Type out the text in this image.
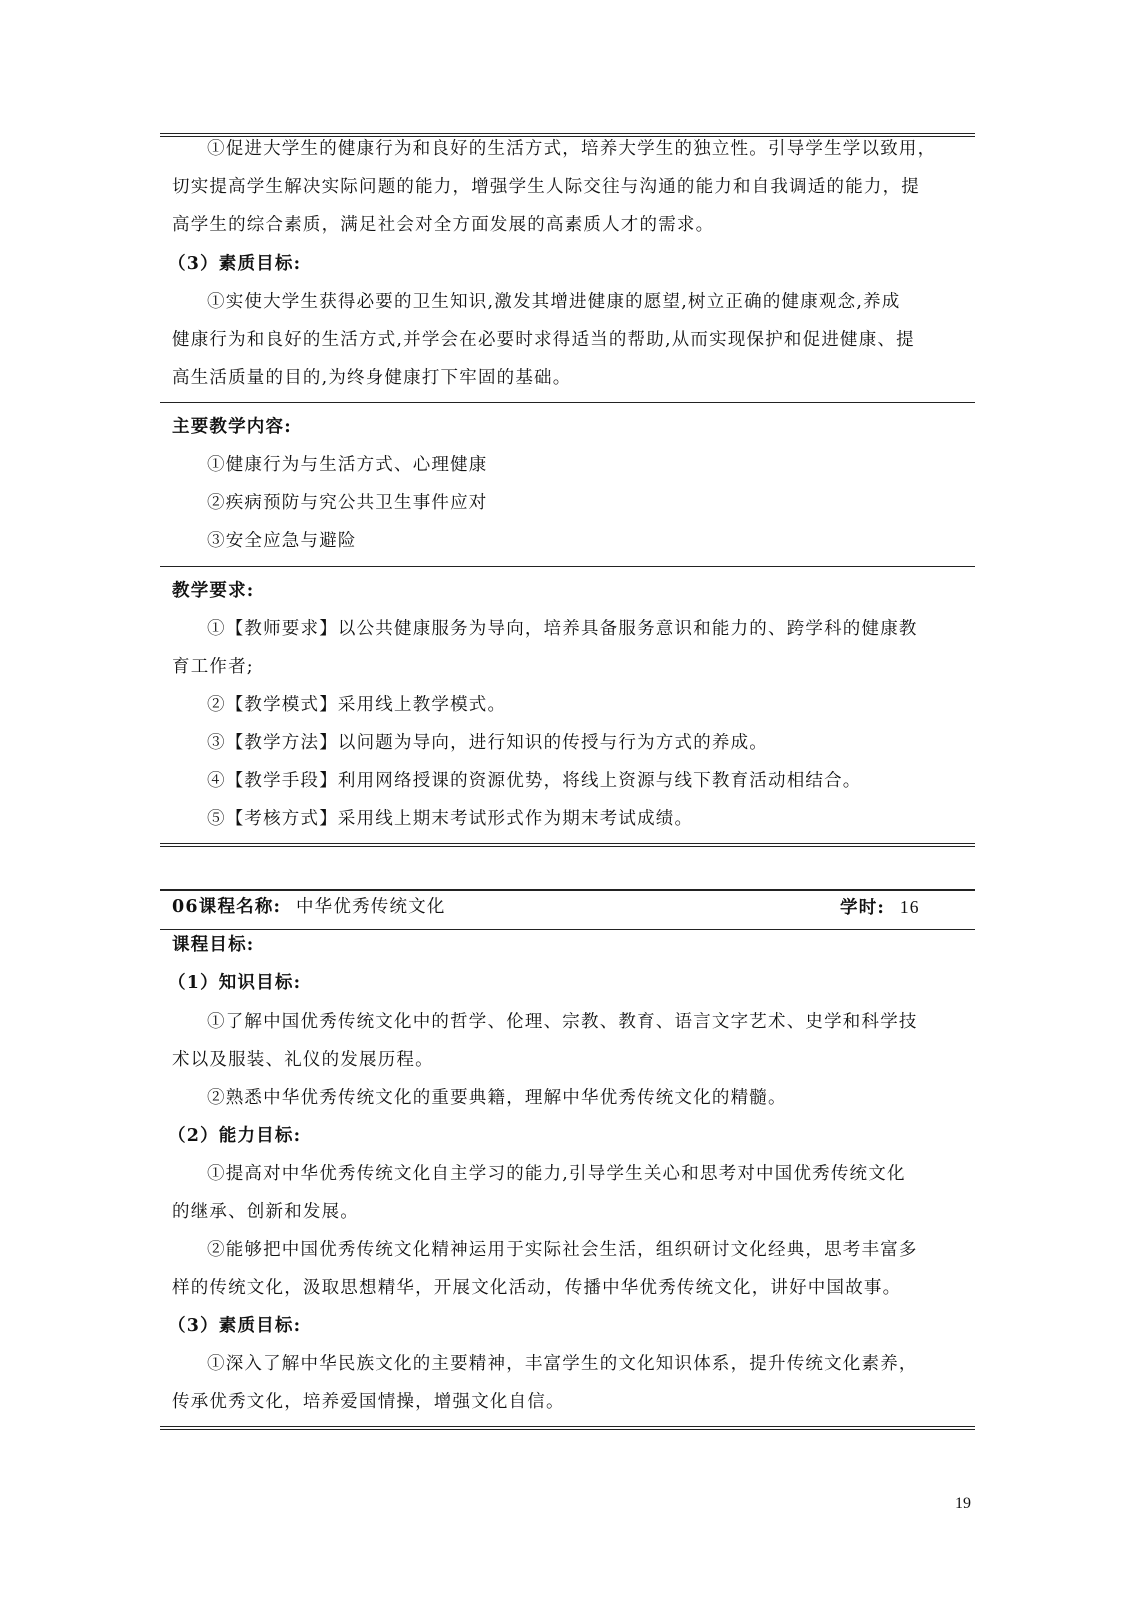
①促进大学生的健康行为和良好的生活方式，培养大学生的独立性。引导学生学以致用，
切实提高学生解决实际问题的能力，增强学生人际交往与沟通的能力和自我调适的能力，提
高学生的综合素质，满足社会对全方面发展的高素质人才的需求。
（3）素质目标:
①实使大学生获得必要的卫生知识,激发其增进健康的愿望,树立正确的健康观念,养成
健康行为和良好的生活方式,并学会在必要时求得适当的帮助,从而实现保护和促进健康、提
高生活质量的目的,为终身健康打下牢固的基础。
主要教学内容:
①健康行为与生活方式、心理健康
②疾病预防与究公共卫生事件应对
③安全应急与避险
教学要求:
①【教师要求】以公共健康服务为导向，培养具备服务意识和能力的、跨学科的健康教
育工作者;
②【教学模式】采用线上教学模式。
③【教学方法】以问题为导向，进行知识的传授与行为方式的养成。
④【教学手段】利用网络授课的资源优势，将线上资源与线下教育活动相结合。
⑤【考核方式】采用线上期末考试形式作为期末考试成绩。
06课程名称: 中华优秀传统文化	学时: 16
课程目标:
（1）知识目标:
①了解中国优秀传统文化中的哲学、伦理、宗教、教育、语言文字艺术、史学和科学技
术以及服装、礼仪的发展历程。
②熟悉中华优秀传统文化的重要典籍，理解中华优秀传统文化的精髓。
（2）能力目标:
①提高对中华优秀传统文化自主学习的能力,引导学生关心和思考对中国优秀传统文化
的继承、创新和发展。
②能够把中国优秀传统文化精神运用于实际社会生活，组织研讨文化经典，思考丰富多
样的传统文化，汲取思想精华，开展文化活动，传播中华优秀传统文化，讲好中国故事。
（3）素质目标:
①深入了解中华民族文化的主要精神，丰富学生的文化知识体系，提升传统文化素养，
传承优秀文化，培养爱国情操，增强文化自信。
19
